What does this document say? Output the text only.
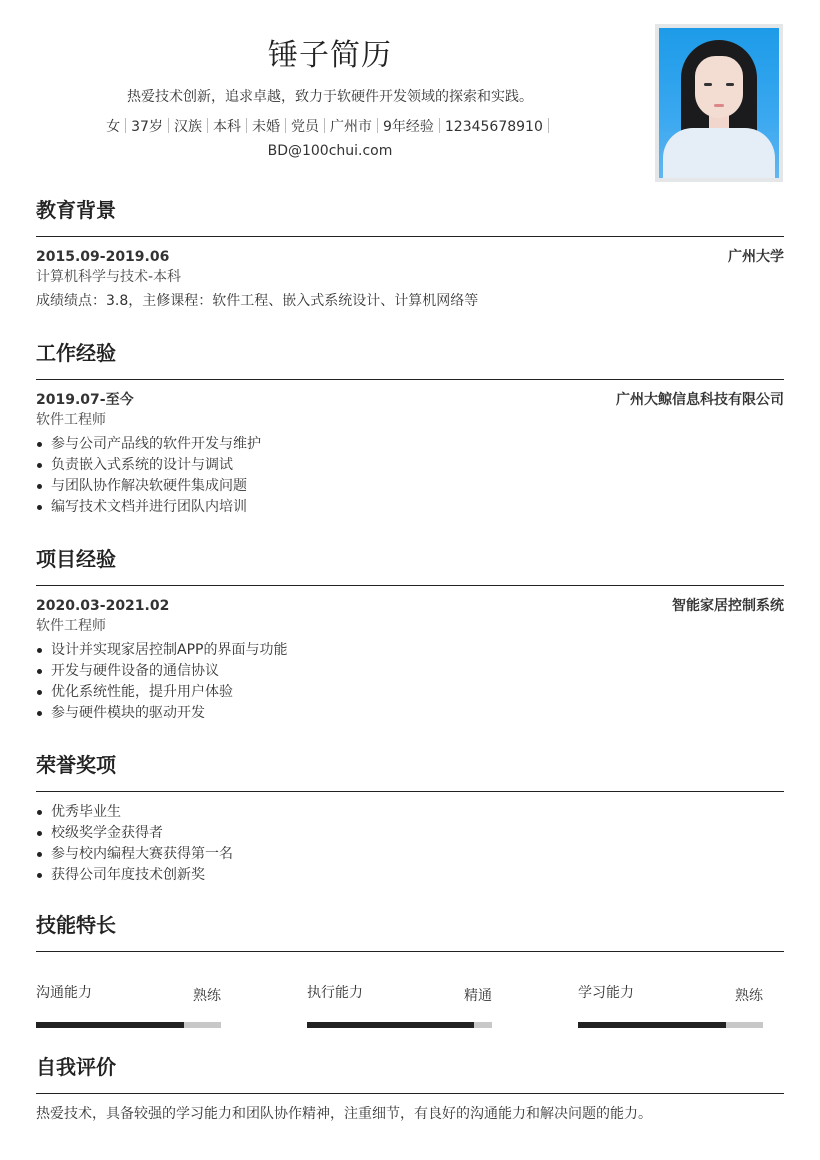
锤子简历
热爱技术创新，追求卓越，致力于软硬件开发领域的探索和实践。
女 37岁 汉族 本科 未婚 党员 广州市 9年经验 12345678910
BD@100chui.com
教育背景
2015.09-2019.06	广州大学
计算机科学与技术-本科
成绩绩点：3.8，主修课程：软件工程、嵌入式系统设计、计算机网络等
工作经验
2019.07-至今	广州大鲸信息科技有限公司
软件工程师
参与公司产品线的软件开发与维护
负责嵌入式系统的设计与调试
与团队协作解决软硬件集成问题
编写技术文档并进行团队内培训
项目经验
2020.03-2021.02	智能家居控制系统
软件工程师
设计并实现家居控制APP的界面与功能
开发与硬件设备的通信协议
优化系统性能，提升用户体验
参与硬件模块的驱动开发
荣誉奖项
优秀毕业生
校级奖学金获得者
参与校内编程大赛获得第一名
获得公司年度技术创新奖
技能特长
沟通能力	熟练	执行能力	精通	学习能力	熟练
自我评价
热爱技术，具备较强的学习能力和团队协作精神，注重细节，有良好的沟通能力和解决问题的能力。
